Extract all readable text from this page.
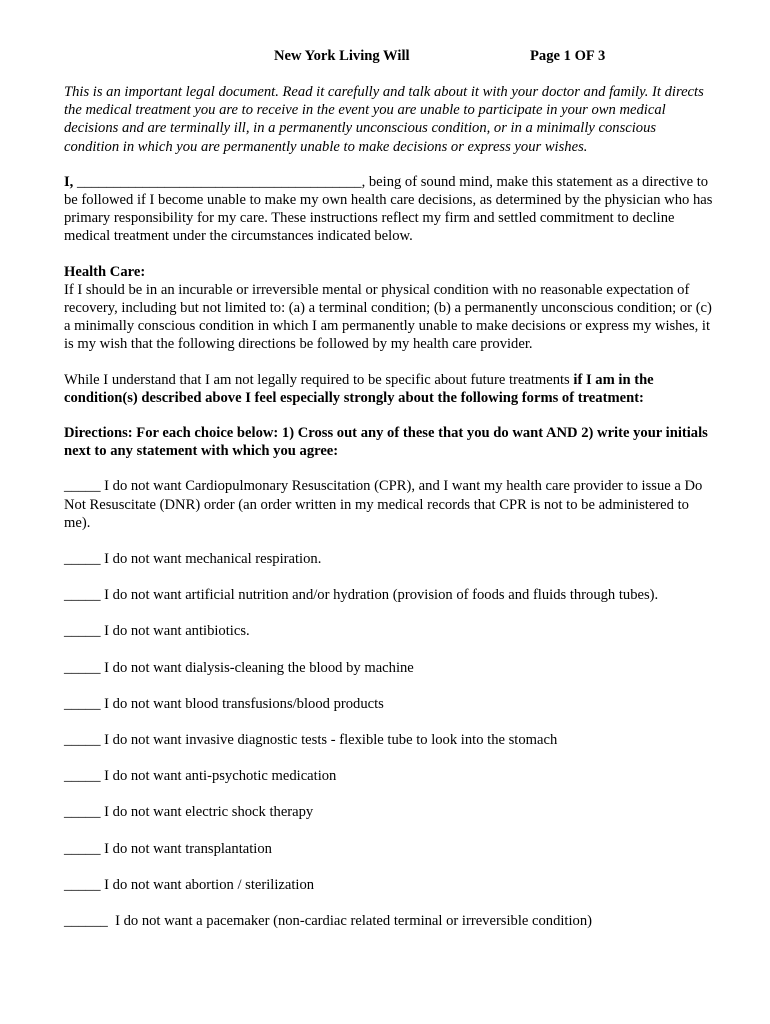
New York Living Will	Page 1 OF 3

This is an important legal document. Read it carefully and talk about it with your doctor and family. It directs the medical treatment you are to receive in the event you are unable to participate in your own medical decisions and are terminally ill, in a permanently unconscious condition, or in a minimally conscious condition in which you are permanently unable to make decisions or express your wishes.

I, _______________________________________, being of sound mind, make this statement as a directive to be followed if I become unable to make my own health care decisions, as determined by the physician who has primary responsibility for my care. These instructions reflect my firm and settled commitment to decline medical treatment under the circumstances indicated below.

Health Care:
If I should be in an incurable or irreversible mental or physical condition with no reasonable expectation of recovery, including but not limited to: (a) a terminal condition; (b) a permanently unconscious condition; or (c) a minimally conscious condition in which I am permanently unable to make decisions or express my wishes, it is my wish that the following directions be followed by my health care provider.

While I understand that I am not legally required to be specific about future treatments if I am in the condition(s) described above I feel especially strongly about the following forms of treatment:

Directions: For each choice below: 1) Cross out any of these that you do want AND 2) write your initials next to any statement with which you agree:

_____ I do not want Cardiopulmonary Resuscitation (CPR), and I want my health care provider to issue a Do Not Resuscitate (DNR) order (an order written in my medical records that CPR is not to be administered to me).
_____ I do not want mechanical respiration.
_____ I do not want artificial nutrition and/or hydration (provision of foods and fluids through tubes).
_____ I do not want antibiotics.
_____ I do not want dialysis-cleaning the blood by machine
_____ I do not want blood transfusions/blood products
_____ I do not want invasive diagnostic tests - flexible tube to look into the stomach
_____ I do not want anti-psychotic medication
_____ I do not want electric shock therapy
_____ I do not want transplantation
_____ I do not want abortion / sterilization
______  I do not want a pacemaker (non-cardiac related terminal or irreversible condition)
